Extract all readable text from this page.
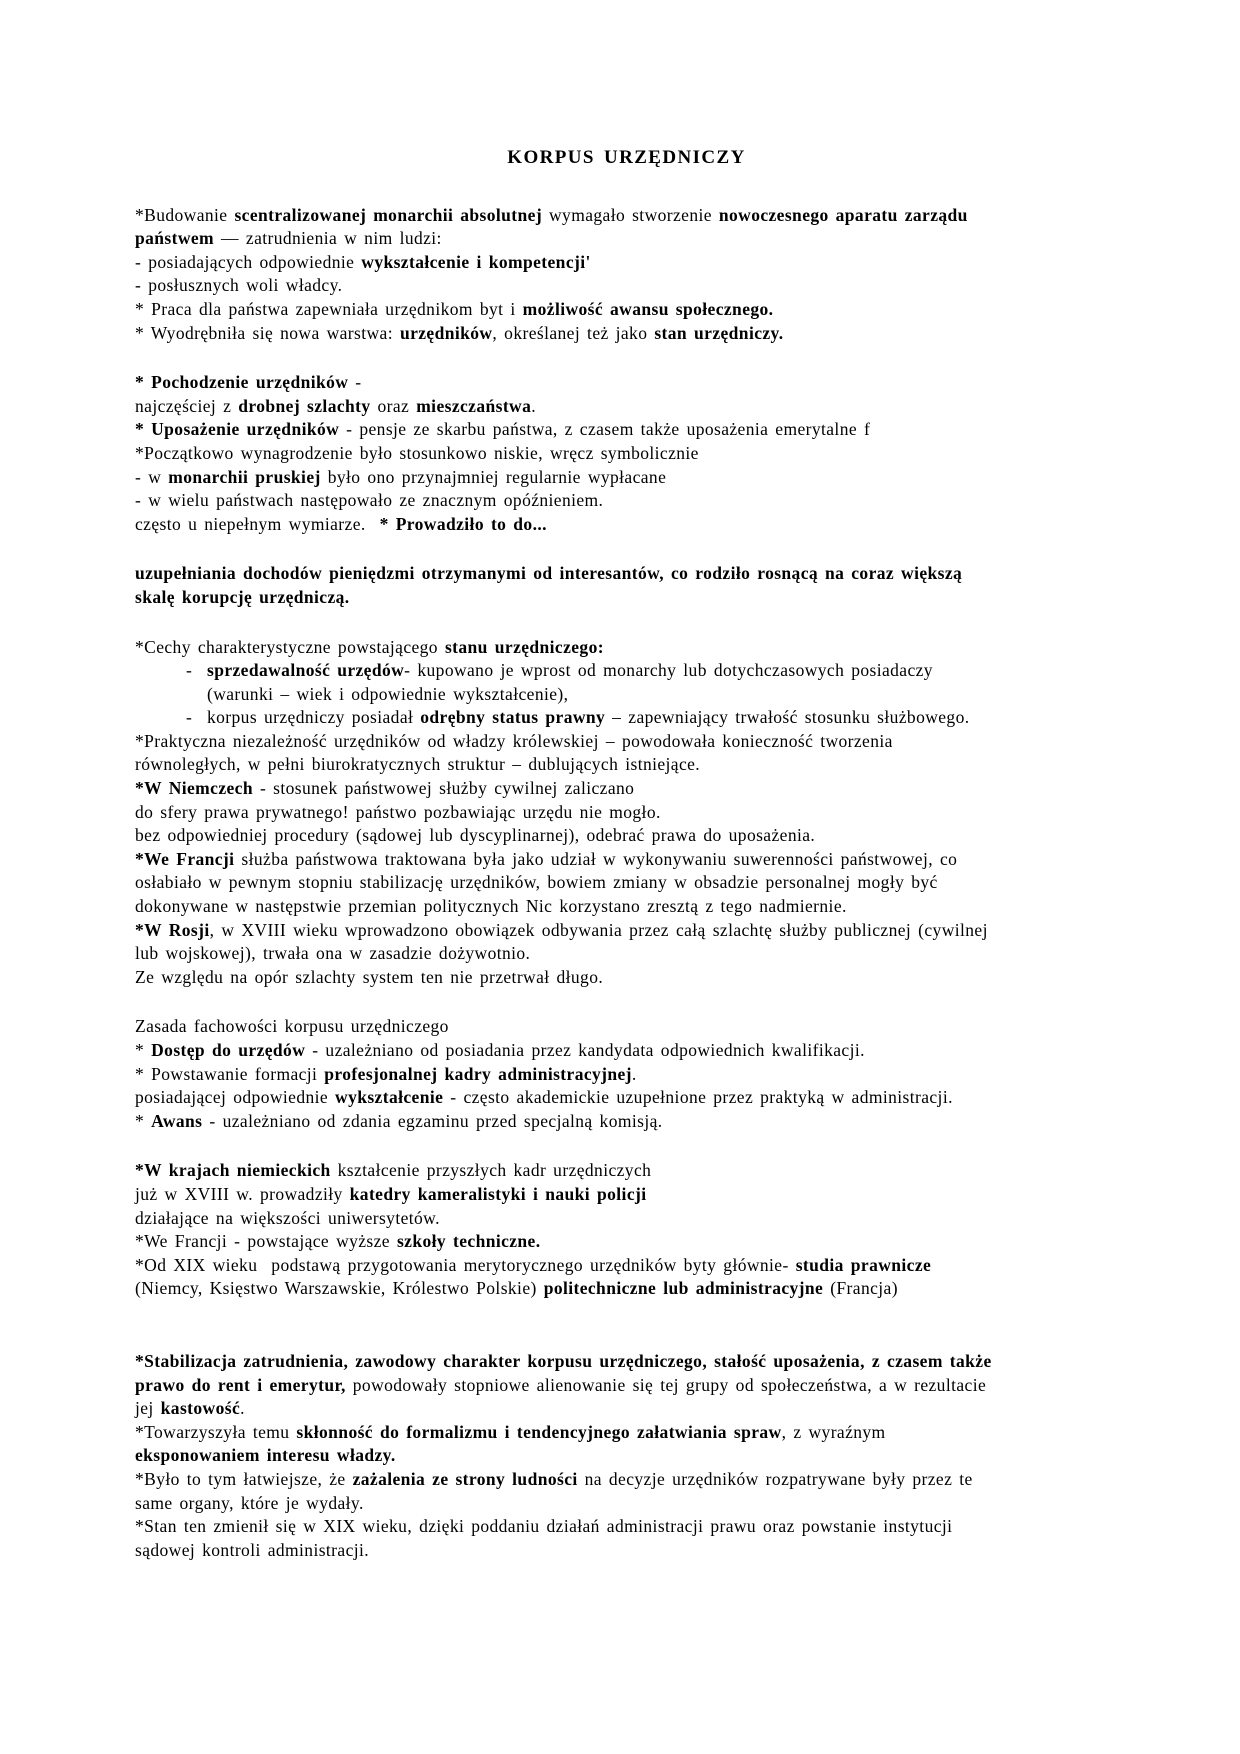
KORPUS URZĘDNICZY
*Budowanie scentralizowanej monarchii absolutnej wymagało stworzenie nowoczesnego aparatu zarządu
państwem — zatrudnienia w nim ludzi:
- posiadających odpowiednie wykształcenie i kompetencji'
- posłusznych woli władcy.
* Praca dla państwa zapewniała urzędnikom byt i możliwość awansu społecznego.
* Wyodrębniła się nowa warstwa: urzędników, określanej też jako stan urzędniczy.
* Pochodzenie urzędników -
najczęściej z drobnej szlachty oraz mieszczaństwa.
* Uposażenie urzędników - pensje ze skarbu państwa, z czasem także uposażenia emerytalne f
*Początkowo wynagrodzenie było stosunkowo niskie, wręcz symbolicznie
- w monarchii pruskiej było ono przynajmniej regularnie wypłacane
- w wielu państwach następowało ze znacznym opóźnieniem.
często u niepełnym wymiarze.  * Prowadziło to do...
uzupełniania dochodów pieniędzmi otrzymanymi od interesantów, co rodziło rosnącą na coraz większą
skalę korupcję urzędniczą.
*Cechy charakterystyczne powstającego stanu urzędniczego:
- sprzedawalność urzędów- kupowano je wprost od monarchy lub dotychczasowych posiadaczy
(warunki – wiek i odpowiednie wykształcenie),
- korpus urzędniczy posiadał odrębny status prawny – zapewniający trwałość stosunku służbowego.
*Praktyczna niezależność urzędników od władzy królewskiej – powodowała konieczność tworzenia
równoległych, w pełni biurokratycznych struktur – dublujących istniejące.
*W Niemczech - stosunek państwowej służby cywilnej zaliczano
do sfery prawa prywatnego! państwo pozbawiając urzędu nie mogło.
bez odpowiedniej procedury (sądowej lub dyscyplinarnej), odebrać prawa do uposażenia.
*We Francji służba państwowa traktowana była jako udział w wykonywaniu suwerenności państwowej, co
osłabiało w pewnym stopniu stabilizację urzędników, bowiem zmiany w obsadzie personalnej mogły być
dokonywane w następstwie przemian politycznych Nic korzystano zresztą z tego nadmiernie.
*W Rosji, w XVIII wieku wprowadzono obowiązek odbywania przez całą szlachtę służby publicznej (cywilnej
lub wojskowej), trwała ona w zasadzie dożywotnio.
Ze względu na opór szlachty system ten nie przetrwał długo.
Zasada fachowości korpusu urzędniczego
* Dostęp do urzędów - uzależniano od posiadania przez kandydata odpowiednich kwalifikacji.
* Powstawanie formacji profesjonalnej kadry administracyjnej.
posiadającej odpowiednie wykształcenie - często akademickie uzupełnione przez praktyką w administracji.
* Awans - uzależniano od zdania egzaminu przed specjalną komisją.
*W krajach niemieckich kształcenie przyszłych kadr urzędniczych
już w XVIII w. prowadziły katedry kameralistyki i nauki policji
działające na większości uniwersytetów.
*We Francji - powstające wyższe szkoły techniczne.
*Od XIX wieku  podstawą przygotowania merytorycznego urzędników byty głównie- studia prawnicze
(Niemcy, Księstwo Warszawskie, Królestwo Polskie) politechniczne lub administracyjne (Francja)
*Stabilizacja zatrudnienia, zawodowy charakter korpusu urzędniczego, stałość uposażenia, z czasem także
prawo do rent i emerytur, powodowały stopniowe alienowanie się tej grupy od społeczeństwa, a w rezultacie
jej kastowość.
*Towarzyszyła temu skłonność do formalizmu i tendencyjnego załatwiania spraw, z wyraźnym
eksponowaniem interesu władzy.
*Było to tym łatwiejsze, że zażalenia ze strony ludności na decyzje urzędników rozpatrywane były przez te
same organy, które je wydały.
*Stan ten zmienił się w XIX wieku, dzięki poddaniu działań administracji prawu oraz powstanie instytucji
sądowej kontroli administracji.
